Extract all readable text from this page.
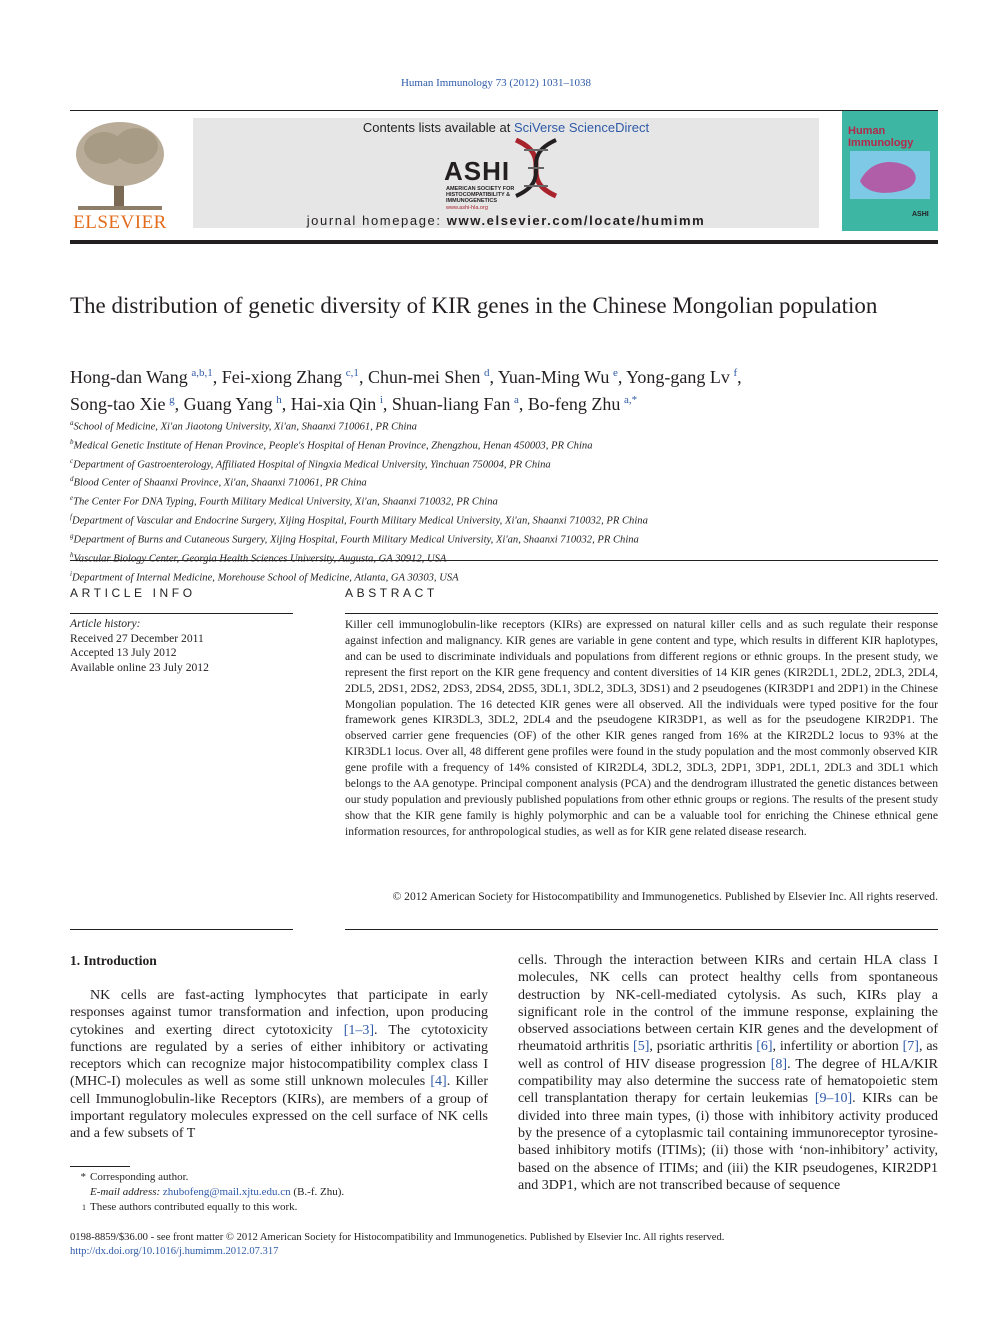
Human Immunology 73 (2012) 1031–1038
ELSEVIER
Contents lists available at SciVerse ScienceDirect
ASHI
AMERICAN SOCIETY FOR
HISTOCOMPATIBILITY &
IMMUNOGENETICS
www.ashi-hla.org
journal homepage: www.elsevier.com/locate/humimm	ASHI
Human Immunology
The distribution of genetic diversity of KIR genes in the Chinese Mongolian population
Hong-dan Wang  $^{a,b,1}$, Fei-xiong Zhang  $^{c,1}$, Chun-mei Shen  $^d$, Yuan-Ming Wu  $^e$, Yong-gang Lv  $^f$,
Song-tao Xie  $^g$, Guang Yang  $^h$, Hai-xia Qin  $^i$, Shuan-liang Fan  $^a$, Bo-feng Zhu  $^{a,*}$
$^a$School of Medicine, Xi'an Jiaotong University, Xi'an, Shaanxi 710061, PR China
$^b$Medical Genetic Institute of Henan Province, People's Hospital of Henan Province, Zhengzhou, Henan 450003, PR China
$^c$Department of Gastroenterology, Affiliated Hospital of Ningxia Medical University, Yinchuan 750004, PR China
$^d$Blood Center of Shaanxi Province, Xi'an, Shaanxi 710061, PR China
$^e$The Center For DNA Typing, Fourth Military Medical University, Xi'an, Shaanxi 710032, PR China
$^f$Department of Vascular and Endocrine Surgery, Xijing Hospital, Fourth Military Medical University, Xi'an, Shaanxi 710032, PR China
$^g$Department of Burns and Cutaneous Surgery, Xijing Hospital, Fourth Military Medical University, Xi'an, Shaanxi 710032, PR China
$^h$Vascular Biology Center, Georgia Health Sciences University, Augusta, GA 30912, USA
$^i$Department of Internal Medicine, Morehouse School of Medicine, Atlanta, GA 30303, USA
ARTICLE INFO	ABSTRACT
Article history:
Received 27 December 2011
Accepted 13 July 2012
Available online 23 July 2012
Killer cell immunoglobulin-like receptors (KIRs) are expressed on natural killer cells and as such regulate their response against infection and malignancy. KIR genes are variable in gene content and type, which results in different KIR haplotypes, and can be used to discriminate individuals and populations from different regions or ethnic groups. In the present study, we represent the first report on the KIR gene frequency and content diversities of 14 KIR genes (KIR2DL1, 2DL2, 2DL3, 2DL4, 2DL5, 2DS1, 2DS2, 2DS3, 2DS4, 2DS5, 3DL1, 3DL2, 3DL3, 3DS1) and 2 pseudogenes (KIR3DP1 and 2DP1) in the Chinese Mongolian population. The 16 detected KIR genes were all observed. All the individuals were typed positive for the four framework genes KIR3DL3, 3DL2, 2DL4 and the pseudogene KIR3DP1, as well as for the pseudogene KIR2DP1. The observed carrier gene frequencies (OF) of the other KIR genes ranged from 16% at the KIR2DL2 locus to 93% at the KIR3DL1 locus. Over all, 48 different gene profiles were found in the study population and the most commonly observed KIR gene profile with a frequency of 14% consisted of KIR2DL4, 3DL2, 3DL3, 2DP1, 3DP1, 2DL1, 2DL3 and 3DL1 which belongs to the AA genotype. Principal component analysis (PCA) and the dendrogram illustrated the genetic distances between our study population and previously published populations from other ethnic groups or regions. The results of the present study show that the KIR gene family is highly polymorphic and can be a valuable tool for enriching the Chinese ethnical gene information resources, for anthropological studies, as well as for KIR gene related disease research.
© 2012 American Society for Histocompatibility and Immunogenetics. Published by Elsevier Inc. All rights reserved.
1. Introduction
NK cells are fast-acting lymphocytes that participate in early responses against tumor transformation and infection, upon producing cytokines and exerting direct cytotoxicity [1–3]. The cytotoxicity functions are regulated by a series of either inhibitory or activating receptors which can recognize major histocompatibility complex class I (MHC-I) molecules as well as some still unknown molecules [4]. Killer cell Immunoglobulin-like Receptors (KIRs), are members of a group of important regulatory molecules expressed on the cell surface of NK cells and a few subsets of T
cells. Through the interaction between KIRs and certain HLA class I molecules, NK cells can protect healthy cells from spontaneous destruction by NK-cell-mediated cytolysis. As such, KIRs play a significant role in the control of the immune response, explaining the observed associations between certain KIR genes and the development of rheumatoid arthritis [5], psoriatic arthritis [6], infertility or abortion [7], as well as control of HIV disease progression [8]. The degree of HLA/KIR compatibility may also determine the success rate of hematopoietic stem cell transplantation therapy for certain leukemias [9–10]. KIRs can be divided into three main types, (i) those with inhibitory activity produced by the presence of a cytoplasmic tail containing immunoreceptor tyrosine-based inhibitory motifs (ITIMs); (ii) those with ‘non-inhibitory’ activity, based on the absence of ITIMs; and (iii) the KIR pseudogenes, KIR2DP1 and 3DP1, which are not transcribed because of sequence
* Corresponding author.
E-mail address: zhubofeng@mail.xjtu.edu.cn (B.-f. Zhu).
1 These authors contributed equally to this work.
0198-8859/$36.00 - see front matter © 2012 American Society for Histocompatibility and Immunogenetics. Published by Elsevier Inc. All rights reserved.
http://dx.doi.org/10.1016/j.humimm.2012.07.317
